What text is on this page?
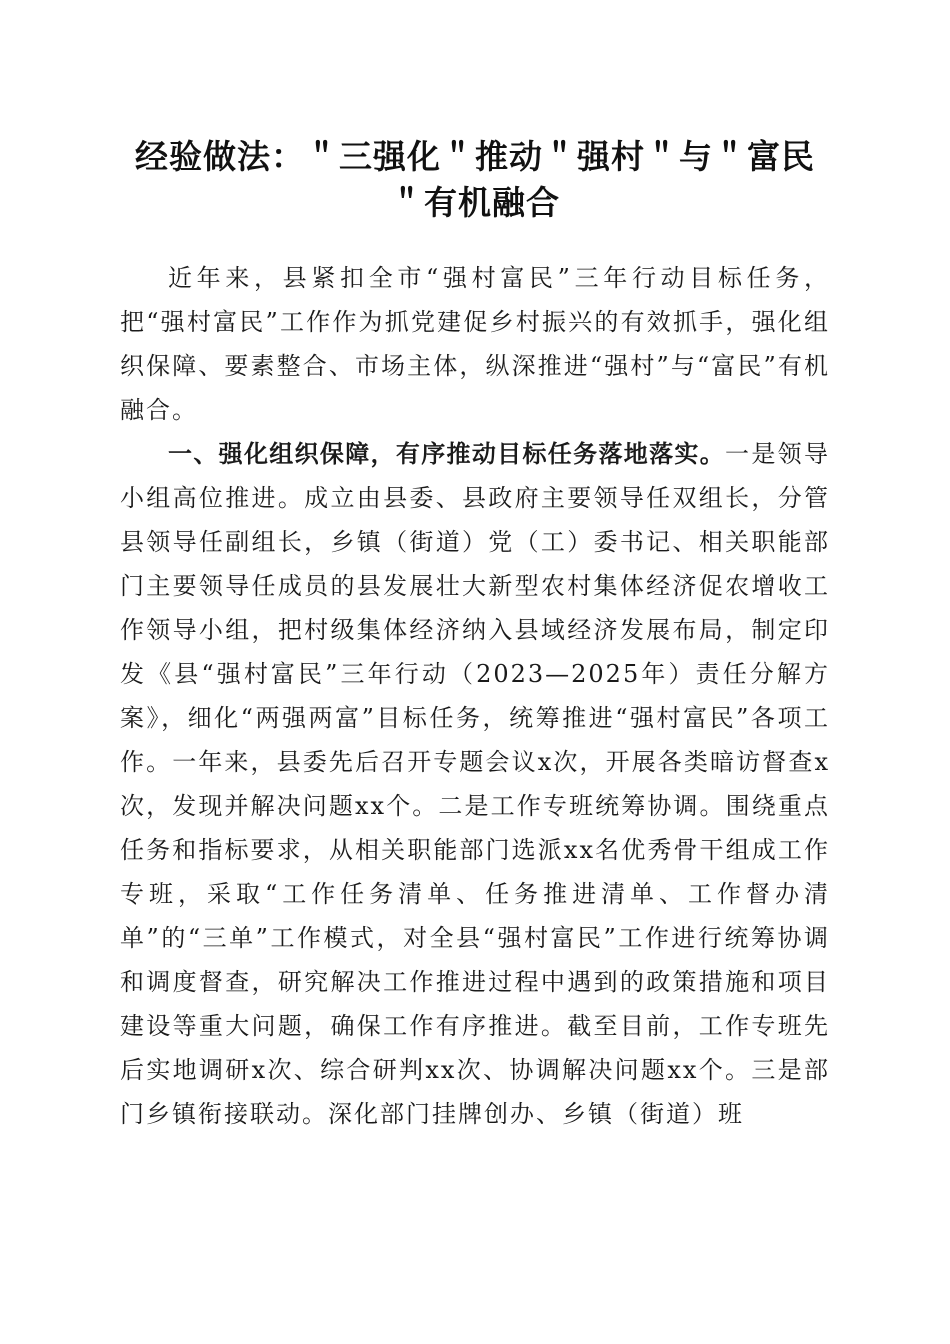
经验做法：＂三强化＂推动＂强村＂与＂富民
＂有机融合

近年来，县紧扣全市“强村富民”三年行动目标任务，把“强村富民”工作作为抓党建促乡村振兴的有效抓手，强化组织保障、要素整合、市场主体，纵深推进“强村”与“富民”有机融合。

一、强化组织保障，有序推动目标任务落地落实。一是领导小组高位推进。成立由县委、县政府主要领导任双组长，分管县领导任副组长，乡镇（街道）党（工）委书记、相关职能部门主要领导任成员的县发展壮大新型农村集体经济促农增收工作领导小组，把村级集体经济纳入县域经济发展布局，制定印发《县“强村富民”三年行动（2023—2025年）责任分解方案》，细化“两强两富”目标任务，统筹推进“强村富民”各项工作。一年来，县委先后召开专题会议x次，开展各类暗访督查x次，发现并解决问题xx个。二是工作专班统筹协调。围绕重点任务和指标要求，从相关职能部门选派xx名优秀骨干组成工作专班，采取“工作任务清单、任务推进清单、工作督办清单”的“三单”工作模式，对全县“强村富民”工作进行统筹协调和调度督查，研究解决工作推进过程中遇到的政策措施和项目建设等重大问题，确保工作有序推进。截至目前，工作专班先后实地调研x次、综合研判xx次、协调解决问题xx个。三是部门乡镇衔接联动。深化部门挂牌创办、乡镇（街道）班
